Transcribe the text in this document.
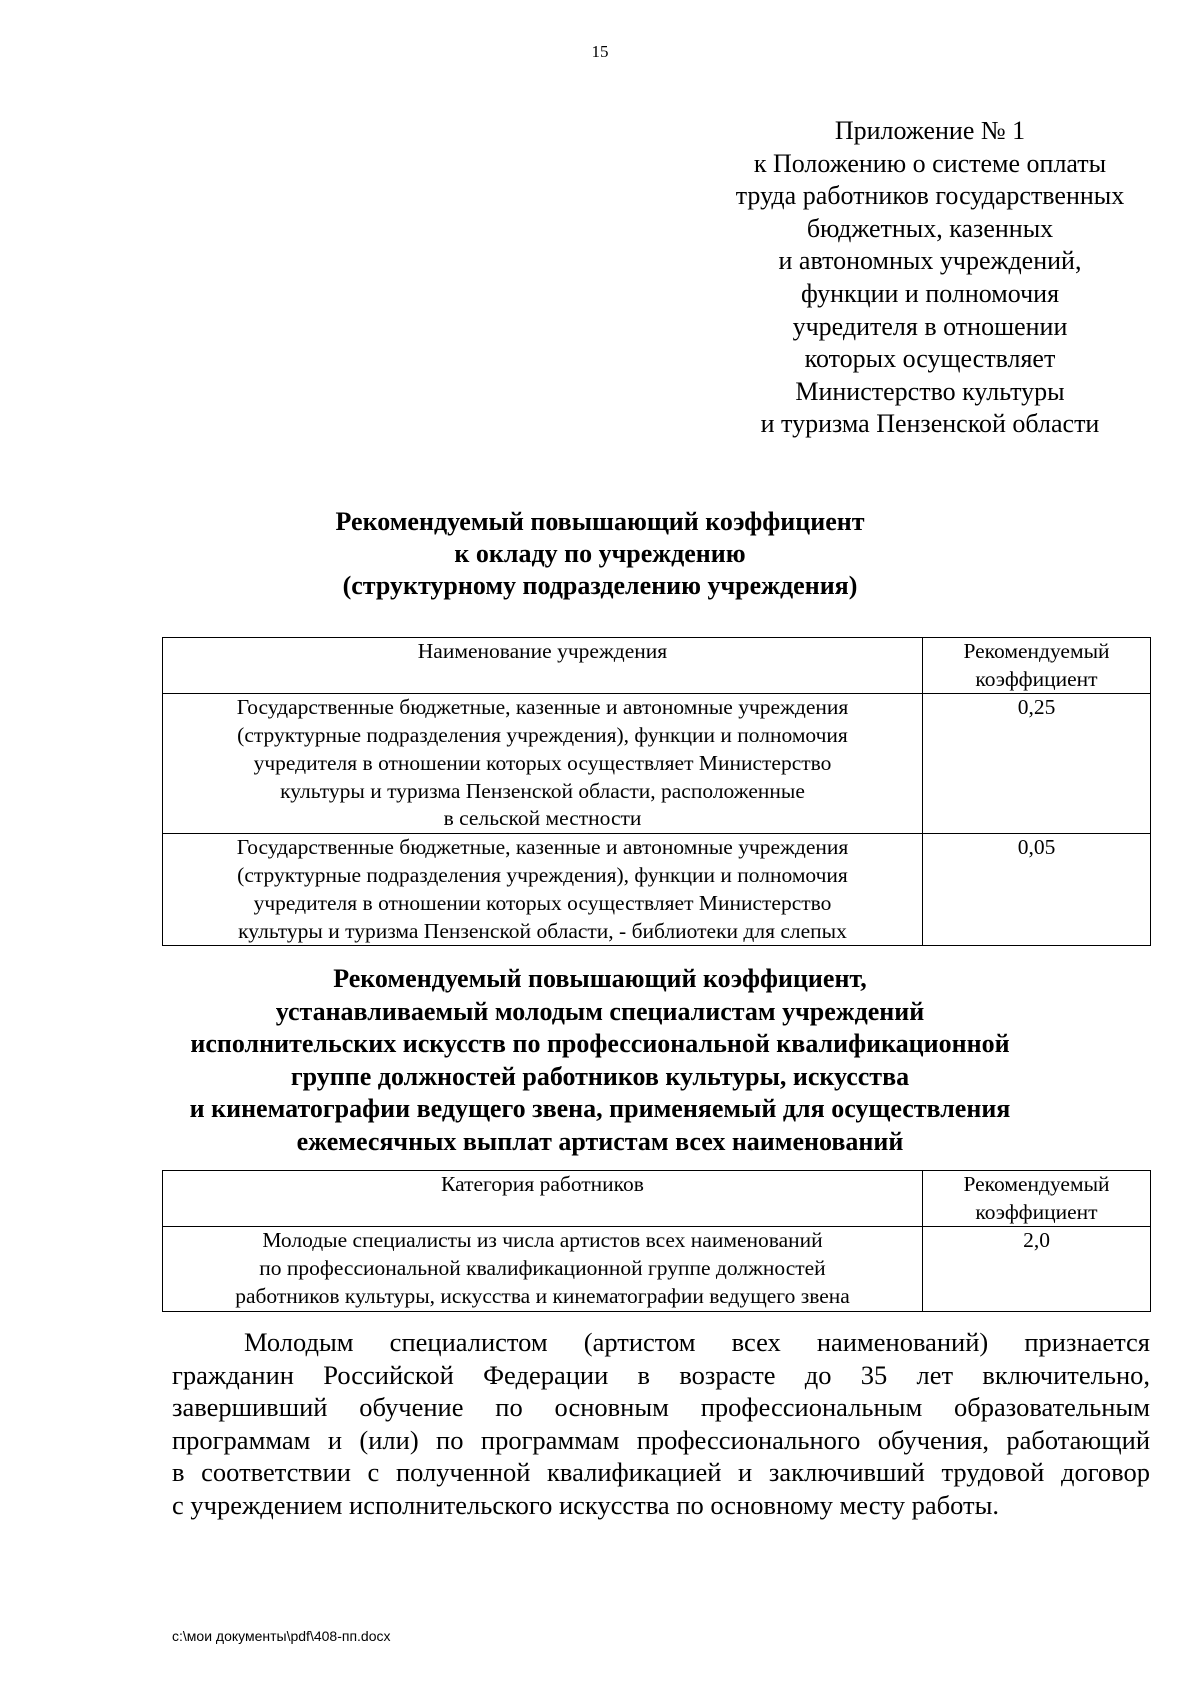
15
Приложение № 1
к Положению о системе оплаты
труда работников государственных
бюджетных, казенных
и автономных учреждений,
функции и полномочия
учредителя в отношении
которых осуществляет
Министерство культуры
и туризма Пензенской области
Рекомендуемый повышающий коэффициент
к окладу по учреждению
(структурному подразделению учреждения)
Наименование учреждения	Рекомендуемый
коэффициент

Государственные бюджетные, казенные и автономные учреждения
(структурные подразделения учреждения), функции и полномочия
учредителя в отношении которых осуществляет Министерство
культуры и туризма Пензенской области, расположенные
в сельской местности	0,25

Государственные бюджетные, казенные и автономные учреждения
(структурные подразделения учреждения), функции и полномочия
учредителя в отношении которых осуществляет Министерство
культуры и туризма Пензенской области, - библиотеки для слепых	0,05
Рекомендуемый повышающий коэффициент,
устанавливаемый молодым специалистам учреждений
исполнительских искусств по профессиональной квалификационной
группе должностей работников культуры, искусства
и кинематографии ведущего звена, применяемый для осуществления
ежемесячных выплат артистам всех наименований
Категория работников	Рекомендуемый
коэффициент

Молодые специалисты из числа артистов всех наименований
по профессиональной квалификационной группе должностей
работников культуры, искусства и кинематографии ведущего звена	2,0
Молодым специалистом (артистом всех наименований) признается
гражданин Российской Федерации в возрасте до 35 лет включительно,
завершивший обучение по основным профессиональным образовательным
программам и (или) по программам профессионального обучения, работающий
в соответствии с полученной квалификацией и заключивший трудовой договор
с учреждением исполнительского искусства по основному месту работы.
c:\мои документы\pdf\408-пп.docx
